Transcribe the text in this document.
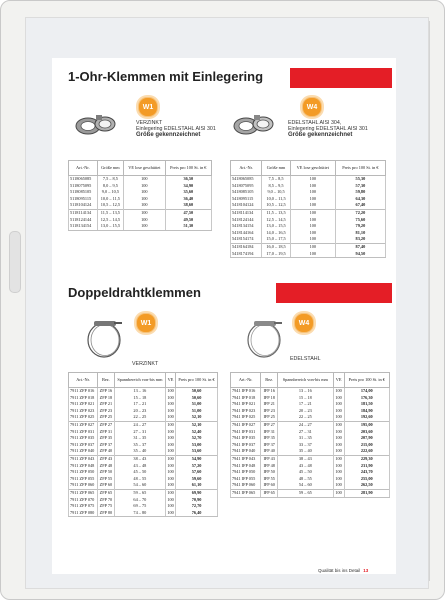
1-Ohr-Klemmen mit Einlegering
W1
VERZINKT
Einlegering EDELSTAHL AISI 301
Größe gekennzeichnet
Art.-Nr.	Größe mm	VE lose geschüttet	Preis pro 100 St. in €
5118065085	7,5 – 8,5	100	36,50
5118075095	8,0 – 9,5	100	34,90
5118085105	9,0 – 10,5	100	35,60
5118095115	10,0 – 11,5	100	36,40
5118104124	10,5 – 12,5	100	38,60
5118114134	11,5 – 13,5	100	47,50
5118124144	12,5 – 14,5	100	49,50
5118134154	13,0 – 15,5	100	51,30
W4
EDELSTAHL AISI 304,
Einlegering EDELSTAHL AISI 301
Größe gekennzeichnet
Art.-Nr.	Größe mm	VE lose geschüttet	Preis pro 100 St. in €
5418065085	7,5 – 8,5	100	55,30
5418075095	8,5 – 9,5	100	57,30
5418085105	9,0 – 10,5	100	59,80
5418095115	10,0 – 11,5	100	64,30
5418104124	10,5 – 12,5	100	67,40
5418114134	11,5 – 13,5	100	72,20
5418124144	12,5 – 14,5	100	75,60
5418134154	13,0 – 15,5	100	79,20
5418144164	14,0 – 16,5	100	81,10
5418154174	15,0 – 17,5	100	83,20
5418164184	16,0 – 18,5	100	87,40
5418174194	17,0 – 19,5	100	94,50
Doppeldrahtklemmen
W1
VERZINKT
Art.-Nr.	Bez.	Spannbereich von-bis mm	VE	Preis pro 100 St. in €
7911 ZFP 016	ZFP 16	13 – 16	100	50,60
7911 ZFP 018	ZFP 18	15 – 18	100	50,60
7911 ZFP 021	ZFP 21	17 – 21	100	51,00
7911 ZFP 023	ZFP 23	20 – 23	100	51,00
7911 ZFP 025	ZFP 25	22 – 25	100	52,10
7911 ZFP 027	ZFP 27	24 – 27	100	52,10
7911 ZFP 031	ZFP 31	27 – 31	100	52,40
7911 ZFP 035	ZFP 35	31 – 35	100	52,70
7911 ZFP 037	ZFP 37	35 – 37	100	53,00
7911 ZFP 040	ZFP 40	35 – 40	100	53,60
7911 ZFP 043	ZFP 43	38 – 43	100	54,90
7911 ZFP 048	ZFP 48	43 – 48	100	57,20
7911 ZFP 050	ZFP 50	45 – 50	100	57,60
7911 ZFP 055	ZFP 55	48 – 55	100	59,60
7911 ZFP 060	ZFP 60	54 – 60	100	61,10
7911 ZFP 065	ZFP 65	59 – 65	100	69,90
7911 ZFP 070	ZFP 70	64 – 70	100	70,90
7911 ZFP 075	ZFP 75	69 – 75	100	72,70
7911 ZFP 080	ZFP 80	74 – 80	100	76,40
W4
EDELSTAHL
Art.-Nr.	Bez.	Spannbereich von-bis mm	VE	Preis pro 100 St. in €
7941 IFP 016	IFP 16	13 – 16	100	174,00
7941 IFP 018	IFP 18	15 – 18	100	176,30
7941 IFP 021	IFP 21	17 – 21	100	181,50
7941 IFP 023	IFP 23	20 – 23	100	184,90
7941 IFP 025	IFP 25	22 – 25	100	192,60
7941 IFP 027	IFP 27	24 – 27	100	195,00
7941 IFP 031	IFP 31	27 – 31	100	203,60
7941 IFP 035	IFP 35	31 – 35	100	207,90
7941 IFP 037	IFP 37	33 – 37	100	215,00
7941 IFP 040	IFP 40	35 – 40	100	222,60
7941 IFP 043	IFP 43	38 – 43	100	229,30
7941 IFP 048	IFP 48	43 – 48	100	231,90
7941 IFP 050	IFP 50	45 – 50	100	243,70
7941 IFP 055	IFP 55	48 – 55	100	255,00
7941 IFP 060	IFP 60	54 – 60	100	262,50
7941 IFP 065	IFP 65	59 – 65	100	281,90
Qualität bis ins Detail 13
